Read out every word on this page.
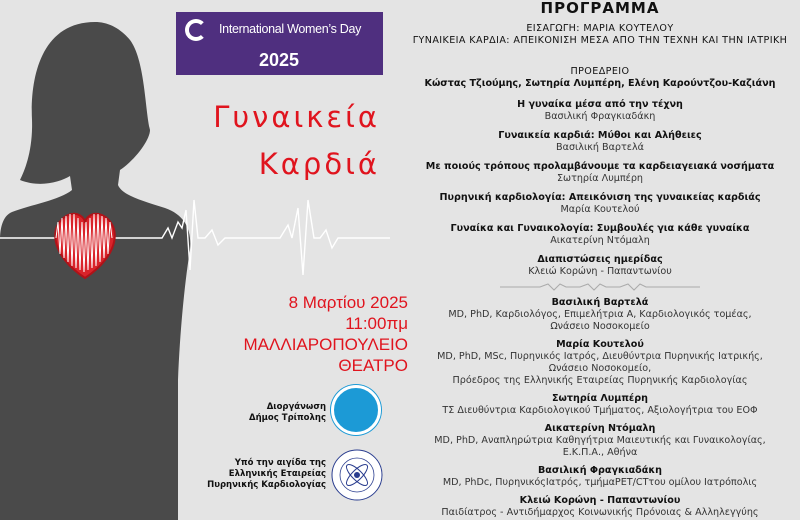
International Women’s Day
2025
Γυναικεία
Καρδιά
8 Μαρτίου 2025
11:00πμ
ΜΑΛΛΙΑΡΟΠΟΥΛΕΙΟ
ΘΕΑΤΡΟ
Διοργάνωση
Δήμος Τρίπολης
Υπό την αιγίδα της
Ελληνικής Εταιρείας
Πυρηνικής Καρδιολογίας
ΠΡΟΓΡΑΜΜΑ
ΕΙΣΑΓΩΓΗ: ΜΑΡΙΑ ΚΟΥΤΕΛΟΥ
ΓΥΝΑΙΚΕΙΑ ΚΑΡΔΙΑ: ΑΠΕΙΚΟΝΙΣΗ ΜΕΣΑ ΑΠΟ ΤΗΝ ΤΕΧΝΗ ΚΑΙ ΤΗΝ ΙΑΤΡΙΚΗ
ΠΡΟΕΔΡΕΙΟ
Κώστας Τζιούμης, Σωτηρία Λυμπέρη, Ελένη Καρούντζου-Καζιάνη
Η γυναίκα μέσα από την τέχνη
Βασιλική Φραγκιαδάκη
Γυναικεία καρδιά: Μύθοι και Αλήθειες
Βασιλική Βαρτελά
Με ποιούς τρόπους προλαμβάνουμε τα καρδειαγειακά νοσήματα
Σωτηρία Λυμπέρη
Πυρηνική καρδιολογία: Απεικόνιση της γυναικείας καρδιάς
Μαρία Κουτελού
Γυναίκα και Γυναικολογία: Συμβουλές για κάθε γυναίκα
Αικατερίνη Ντόμαλη
Διαπιστώσεις ημερίδας
Κλειώ Κορώνη - Παπαντωνίου
Βασιλική Βαρτελά
MD, PhD, Καρδιολόγος, Επιμελήτρια Α, Καρδιολογικός τομέας,
Ωνάσειο Νοσοκομείο
Μαρία Κουτελού
MD, PhD, MSc, Πυρηνικός Ιατρός, Διευθύντρια Πυρηνικής Ιατρικής,
Ωνάσειο Νοσοκομείο,
Πρόεδρος της Ελληνικής Εταιρείας Πυρηνικής Καρδιολογίας
Σωτηρία Λυμπέρη
ΤΣ Διευθύντρια Καρδιολογικού Τμήματος, Αξιολογήτρια του ΕΟΦ
Αικατερίνη Ντόμαλη
MD, PhD, Αναπληρώτρια Καθηγήτρια Μαιευτικής και Γυναικολογίας,
Ε.Κ.Π.Α., Αθήνα
Βασιλική Φραγκιαδάκη
MD, PhDc, ΠυρηνικόςΙατρός, τμήμαPET/CTτου ομίλου Ιατρόπολις
Κλειώ Κορώνη - Παπαντωνίου
Παιδίατρος - Αντιδήμαρχος Κοινωνικής Πρόνοιας & Αλληλεγγύης
